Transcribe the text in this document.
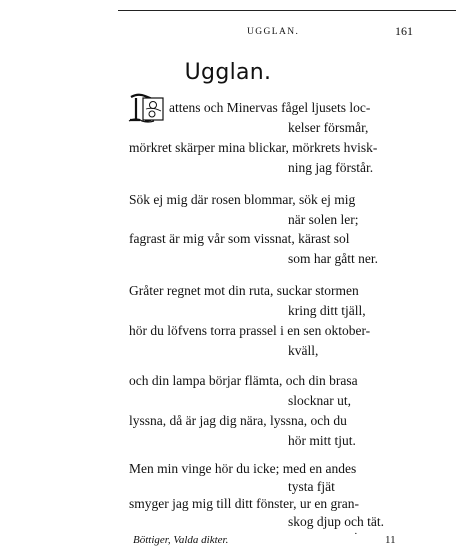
UGGLAN.	161
Ugglan.
N attens och Minervas fågel ljusets loc-
kelser försmår,
mörkret skärper mina blickar, mörkrets hvisk-
ning jag förstår.
Sök ej mig där rosen blommar, sök ej mig
när solen ler;
fagrast är mig vår som vissnat, kärast sol
som har gått ner.
Gråter regnet mot din ruta, suckar stormen
kring ditt tjäll,
hör du löfvens torra prassel i en sen oktober-
kväll,
och din lampa börjar flämta, och din brasa
slocknar ut,
lyssna, då är jag dig nära, lyssna, och du
hör mitt tjut.
Men min vinge hör du icke; med en andes
tysta fjät
smyger jag mig till ditt fönster, ur en gran-
skog djup och tät.
Böttiger, Valda dikter.	· 11
